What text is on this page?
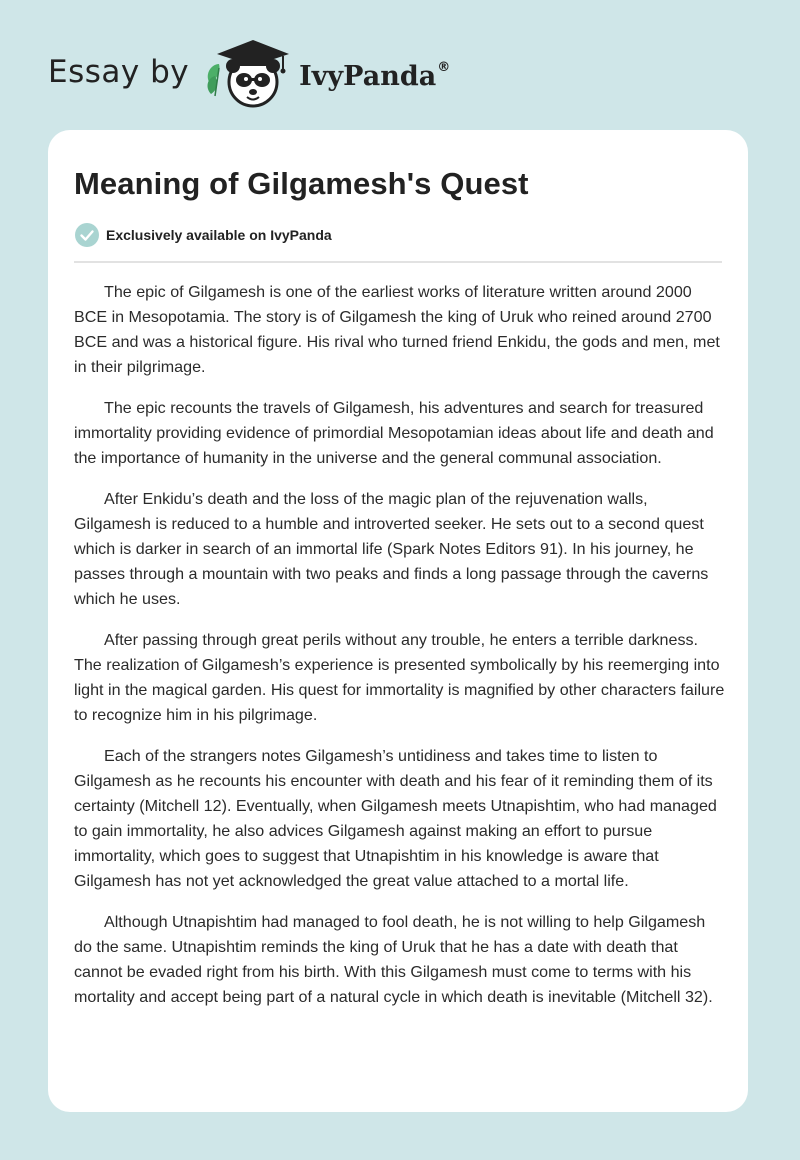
Essay by	IvyPanda®
Meaning of Gilgamesh's Quest
Exclusively available on IvyPanda

The epic of Gilgamesh is one of the earliest works of literature written around 2000 BCE in Mesopotamia. The story is of Gilgamesh the king of Uruk who reined around 2700 BCE and was a historical figure. His rival who turned friend Enkidu, the gods and men, met in their pilgrimage.

The epic recounts the travels of Gilgamesh, his adventures and search for treasured immortality providing evidence of primordial Mesopotamian ideas about life and death and the importance of humanity in the universe and the general communal association.

After Enkidu’s death and the loss of the magic plan of the rejuvenation walls, Gilgamesh is reduced to a humble and introverted seeker. He sets out to a second quest which is darker in search of an immortal life (Spark Notes Editors 91). In his journey, he passes through a mountain with two peaks and finds a long passage through the caverns which he uses.

After passing through great perils without any trouble, he enters a terrible darkness. The realization of Gilgamesh’s experience is presented symbolically by his reemerging into light in the magical garden. His quest for immortality is magnified by other characters failure to recognize him in his pilgrimage.

Each of the strangers notes Gilgamesh’s untidiness and takes time to listen to Gilgamesh as he recounts his encounter with death and his fear of it reminding them of its certainty (Mitchell 12). Eventually, when Gilgamesh meets Utnapishtim, who had managed to gain immortality, he also advices Gilgamesh against making an effort to pursue immortality, which goes to suggest that Utnapishtim in his knowledge is aware that Gilgamesh has not yet acknowledged the great value attached to a mortal life.

Although Utnapishtim had managed to fool death, he is not willing to help Gilgamesh do the same. Utnapishtim reminds the king of Uruk that he has a date with death that cannot be evaded right from his birth. With this Gilgamesh must come to terms with his mortality and accept being part of a natural cycle in which death is inevitable (Mitchell 32).
